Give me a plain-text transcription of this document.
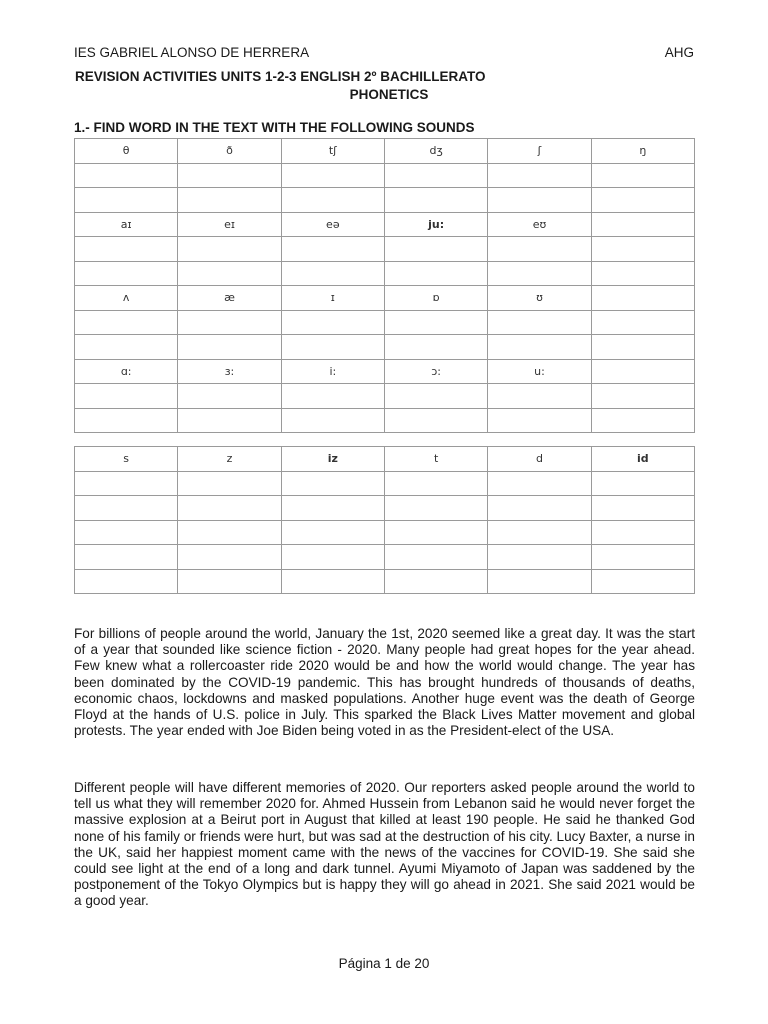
IES GABRIEL ALONSO DE HERRERA	AHG
REVISION ACTIVITIES UNITS 1-2-3 ENGLISH 2º BACHILLERATO
PHONETICS
1.- FIND WORD IN THE TEXT WITH THE FOLLOWING SOUNDS
θ	ð	tʃ	dʒ	ʃ	ŋ

aɪ	eɪ	eə	ju:	eʊ	

ʌ	æ	ɪ	ɒ	ʊ	

ɑ:	ɜ:	i:	ɔ:	u:	

s	z	iz	t	d	id

For billions of people around the world, January the 1st, 2020 seemed like a great day. It was the start of a year that sounded like science fiction - 2020. Many people had great hopes for the year ahead. Few knew what a rollercoaster ride 2020 would be and how the world would change. The year has been dominated by the COVID-19 pandemic. This has brought hundreds of thousands of deaths, economic chaos, lockdowns and masked populations. Another huge event was the death of George Floyd at the hands of U.S. police in July. This sparked the Black Lives Matter movement and global protests. The year ended with Joe Biden being voted in as the President-elect of the USA.
Different people will have different memories of 2020. Our reporters asked people around the world to tell us what they will remember 2020 for. Ahmed Hussein from Lebanon said he would never forget the massive explosion at a Beirut port in August that killed at least 190 people. He said he thanked God none of his family or friends were hurt, but was sad at the destruction of his city. Lucy Baxter, a nurse in the UK, said her happiest moment came with the news of the vaccines for COVID-19. She said she could see light at the end of a long and dark tunnel. Ayumi Miyamoto of Japan was saddened by the postponement of the Tokyo Olympics but is happy they will go ahead in 2021. She said 2021 would be a good year.
Página 1 de 20
